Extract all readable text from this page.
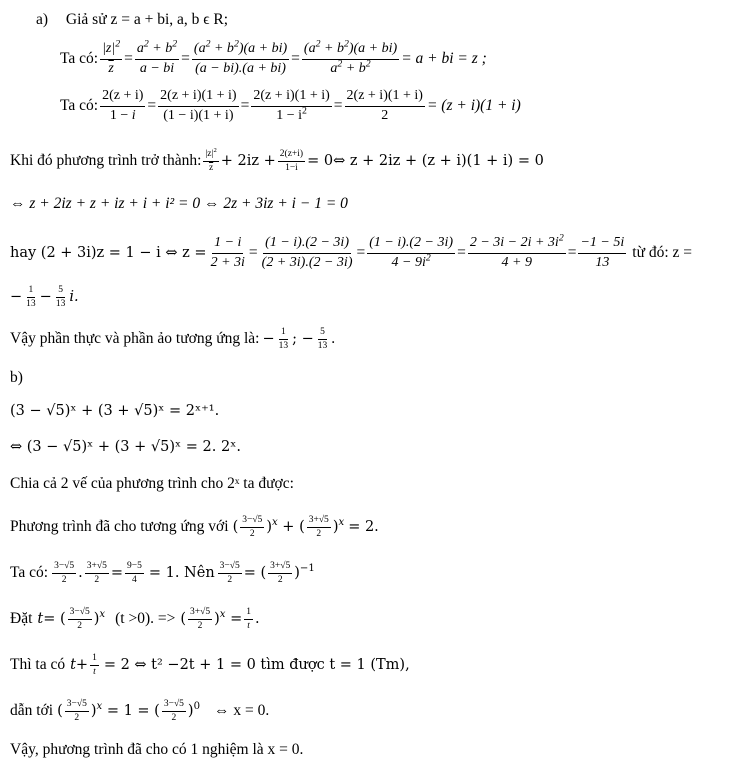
a) Giả sử z = a + bi, a, b ϵ R;
Ta có: $\frac{|z|^2}{z} = \frac{a^2 + b^2}{a - bi} = \frac{(a^2 + b^2)(a + bi)}{(a - bi).(a + bi)} = \frac{(a^2 + b^2)(a + bi)}{a^2 + b^2} = a$ + bi = z ;
Ta có: $\frac{2(z + i)}{1 - i} = \frac{2(z + i)(1 + i)}{(1 - i)(1 + i)} = \frac{2(z + i)(1 + i)}{1 - i^2} = \frac{2(z + i)(1 + i)}{2} = (z + i)(1 + i)$
Khi đó phương trình trở thành: $\frac{|z|^2}{z} + 2iz + \frac{2(z+i)}{1-i}$ = 0⇔ z + 2iz + (z + i)(1 + i) = 0
⇔ z + 2iz + z + iz + i + i² = 0 ⇔ 2z + 3iz + i − 1 = 0
hay (2 + 3i)z = 1 − i ⇔ $z = \frac{1 - i}{2 + 3i} = \frac{(1 - i).(2 - 3i)}{(2 + 3i).(2 - 3i)} = \frac{(1 - i).(2 - 3i)}{4 - 9i^2} = \frac{2 - 3i - 2i + 3i^2}{4 + 9} = \frac{-1 - 5i}{13}$ từ đó: z =
− $\frac{1}{13} - \frac{5}{13} i$.
Vậy phần thực và phần ảo tương ứng là: − $\frac{1}{13}$ ; − $\frac{5}{13}$ .
b)
(3 − √5)ˣ + (3 + √5)ˣ = 2ˣ⁺¹.
⇔ (3 − √5)ˣ + (3 + √5)ˣ = 2. 2ˣ.
Chia cả 2 vế của phương trình cho 2ˣ ta được:
Phương trình đã cho tương ứng với ( $\frac{3-√5}{2} )^x$ + ( $\frac{3+√5}{2} )^x = 2$.
Ta có: $\frac{3-√5}{2}$ . $\frac{3+√5}{2} = \frac{9-5}{4} = 1$. Nên $\frac{3-√5}{2}$ = ( $\frac{3+√5}{2} )^{-1}$
Đặt t = ( $\frac{3-√5}{2} )^x$ (t >0). => ( $\frac{3+√5}{2} )^x = \frac{1}{t}$ .
Thì ta có $t + \frac{1}{t} = 2$ ⇔ t² −2t + 1 = 0 tìm được t = 1 (Tm),
dẫn tới ( $\frac{3-√5}{2} )^x = 1$ = ( $\frac{3-√5}{2} )^0$ ⇔ x = 0.
Vậy, phương trình đã cho có 1 nghiệm là x = 0.
